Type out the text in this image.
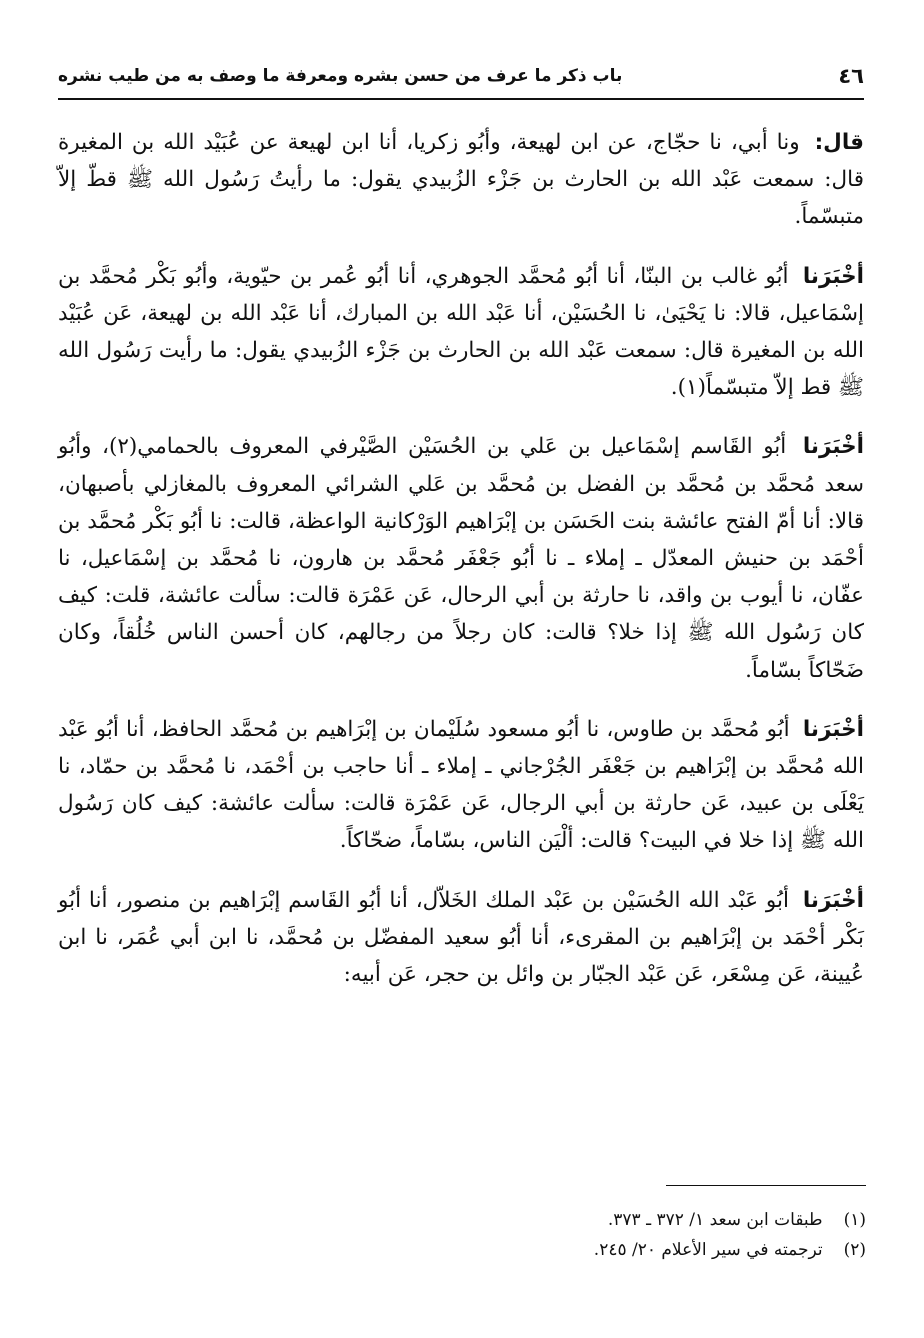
٤٦
باب ذكر ما عرف من حسن بشره ومعرفة ما وصف به من طيب نشره

قال: ونا أبي، نا حجّاج، عن ابن لهيعة، وأبُو زكريا، أنا ابن لهيعة عن عُبَيْد الله بن المغيرة قال: سمعت عَبْد الله بن الحارث بن جَزْء الزُبيدي يقول: ما رأيتُ رَسُول الله ﷺ قطّ إلاّ متبسّماً.

أخْبَرَنا أبُو غالب بن البنّا، أنا أبُو مُحمَّد الجوهري، أنا أبُو عُمر بن حيّوية، وأبُو بَكْر مُحمَّد بن إسْمَاعيل، قالا: نا يَحْيَىٰ، نا الحُسَيْن، أنا عَبْد الله بن المبارك، أنا عَبْد الله بن لهيعة، عَن عُبَيْد الله بن المغيرة قال: سمعت عَبْد الله بن الحارث بن جَزْء الزُبيدي يقول: ما رأيت رَسُول الله ﷺ قط إلاّ متبسّماً(١).

أخْبَرَنا أبُو القَاسم إسْمَاعيل بن عَلي بن الحُسَيْن الصَّيْرفي المعروف بالحمامي(٢)، وأبُو سعد مُحمَّد بن مُحمَّد بن الفضل بن مُحمَّد بن عَلي الشرائي المعروف بالمغازلي بأصبهان، قالا: أنا أمّ الفتح عائشة بنت الحَسَن بن إبْرَاهيم الوَرْكانية الواعظة، قالت: نا أبُو بَكْر مُحمَّد بن أحْمَد بن حنيش المعدّل ـ إملاء ـ نا أبُو جَعْفَر مُحمَّد بن هارون، نا مُحمَّد بن إسْمَاعيل، نا عفّان، نا أيوب بن واقد، نا حارثة بن أبي الرحال، عَن عَمْرَة قالت: سألت عائشة، قلت: كيف كان رَسُول الله ﷺ إذا خلا؟ قالت: كان رجلاً من رجالهم، كان أحسن الناس خُلُقاً، وكان ضَحّاكاً بسّاماً.

أخْبَرَنا أبُو مُحمَّد بن طاوس، نا أبُو مسعود سُلَيْمان بن إبْرَاهيم بن مُحمَّد الحافظ، أنا أبُو عَبْد الله مُحمَّد بن إبْرَاهيم بن جَعْفَر الجُرْجاني ـ إملاء ـ أنا حاجب بن أحْمَد، نا مُحمَّد بن حمّاد، نا يَعْلَى بن عبيد، عَن حارثة بن أبي الرجال، عَن عَمْرَة قالت: سألت عائشة: كيف كان رَسُول الله ﷺ إذا خلا في البيت؟ قالت: ألْيَن الناس، بسّاماً، ضحّاكاً.

أخْبَرَنا أبُو عَبْد الله الحُسَيْن بن عَبْد الملك الخَلاّل، أنا أبُو القَاسم إبْرَاهيم بن منصور، أنا أبُو بَكْر أحْمَد بن إبْرَاهيم بن المقرىء، أنا أبُو سعيد المفضّل بن مُحمَّد، نا ابن أبي عُمَر، نا ابن عُيينة، عَن مِسْعَر، عَن عَبْد الجبّار بن وائل بن حجر، عَن أبيه:

(١) طبقات ابن سعد ١/ ٣٧٢ ـ ٣٧٣.

(٢) ترجمته في سير الأعلام ٢٠/ ٢٤٥.
